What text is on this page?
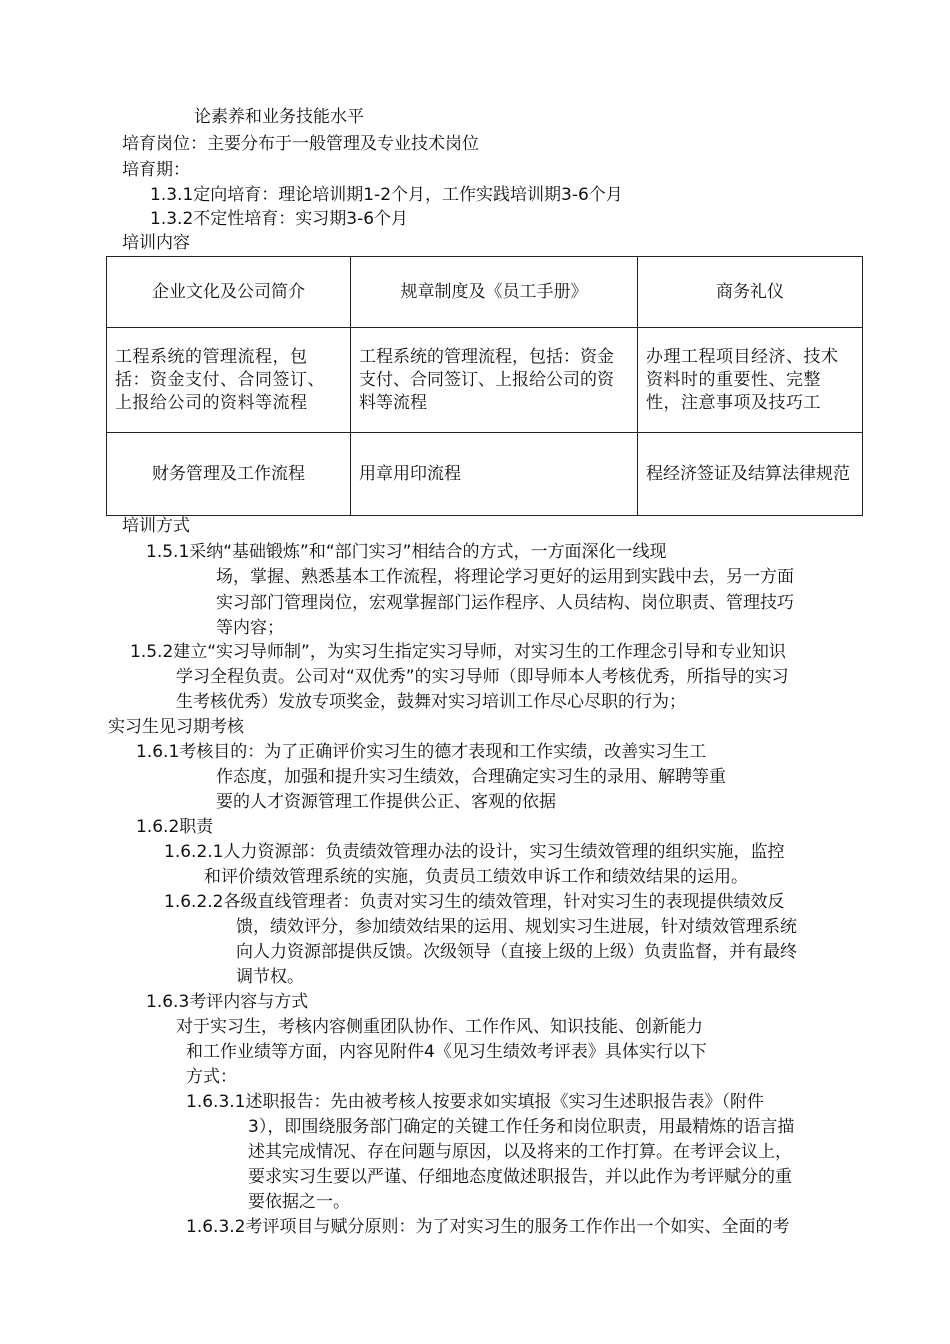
论素养和业务技能水平

培育岗位：主要分布于一般管理及专业技术岗位

培育期：

1.3.1定向培育：理论培训期1-2个月，工作实践培训期3-6个月

1.3.2不定性培育：实习期3-6个月

培训内容

企业文化及公司简介	规章制度及《员工手册》	商务礼仪
工程系统的管理流程，包括：资金支付、合同签订、上报给公司的资料等流程	工程系统的管理流程，包括：资金支付、合同签订、上报给公司的资料等流程	办理工程项目经济、技术资料时的重要性、完整性，注意事项及技巧工
财务管理及工作流程	用章用印流程	程经济签证及结算法律规范

培训方式

1.5.1采纳“基础锻炼”和“部门实习”相结合的方式，一方面深化一线现

场，掌握、熟悉基本工作流程，将理论学习更好的运用到实践中去，另一方面

实习部门管理岗位，宏观掌握部门运作程序、人员结构、岗位职责、管理技巧

等内容；

1.5.2建立“实习导师制”，为实习生指定实习导师，对实习生的工作理念引导和专业知识

学习全程负责。公司对“双优秀”的实习导师（即导师本人考核优秀，所指导的实习

生考核优秀）发放专项奖金，鼓舞对实习培训工作尽心尽职的行为；

实习生见习期考核

1.6.1考核目的：为了正确评价实习生的德才表现和工作实绩，改善实习生工

作态度，加强和提升实习生绩效，合理确定实习生的录用、解聘等重

要的人才资源管理工作提供公正、客观的依据

1.6.2职责

1.6.2.1人力资源部：负责绩效管理办法的设计，实习生绩效管理的组织实施，监控

和评价绩效管理系统的实施，负责员工绩效申诉工作和绩效结果的运用。

1.6.2.2各级直线管理者：负责对实习生的绩效管理，针对实习生的表现提供绩效反

馈，绩效评分，参加绩效结果的运用、规划实习生进展，针对绩效管理系统

向人力资源部提供反馈。次级领导（直接上级的上级）负责监督，并有最终

调节权。

1.6.3考评内容与方式

对于实习生，考核内容侧重团队协作、工作作风、知识技能、创新能力

和工作业绩等方面，内容见附件4《见习生绩效考评表》具体实行以下

方式：

1.6.3.1述职报告：先由被考核人按要求如实填报《实习生述职报告表》（附件

3），即围绕服务部门确定的关键工作任务和岗位职责，用最精炼的语言描

述其完成情况、存在问题与原因，以及将来的工作打算。在考评会议上，

要求实习生要以严谨、仔细地态度做述职报告，并以此作为考评赋分的重

要依据之一。

1.6.3.2考评项目与赋分原则：为了对实习生的服务工作作出一个如实、全面的考
